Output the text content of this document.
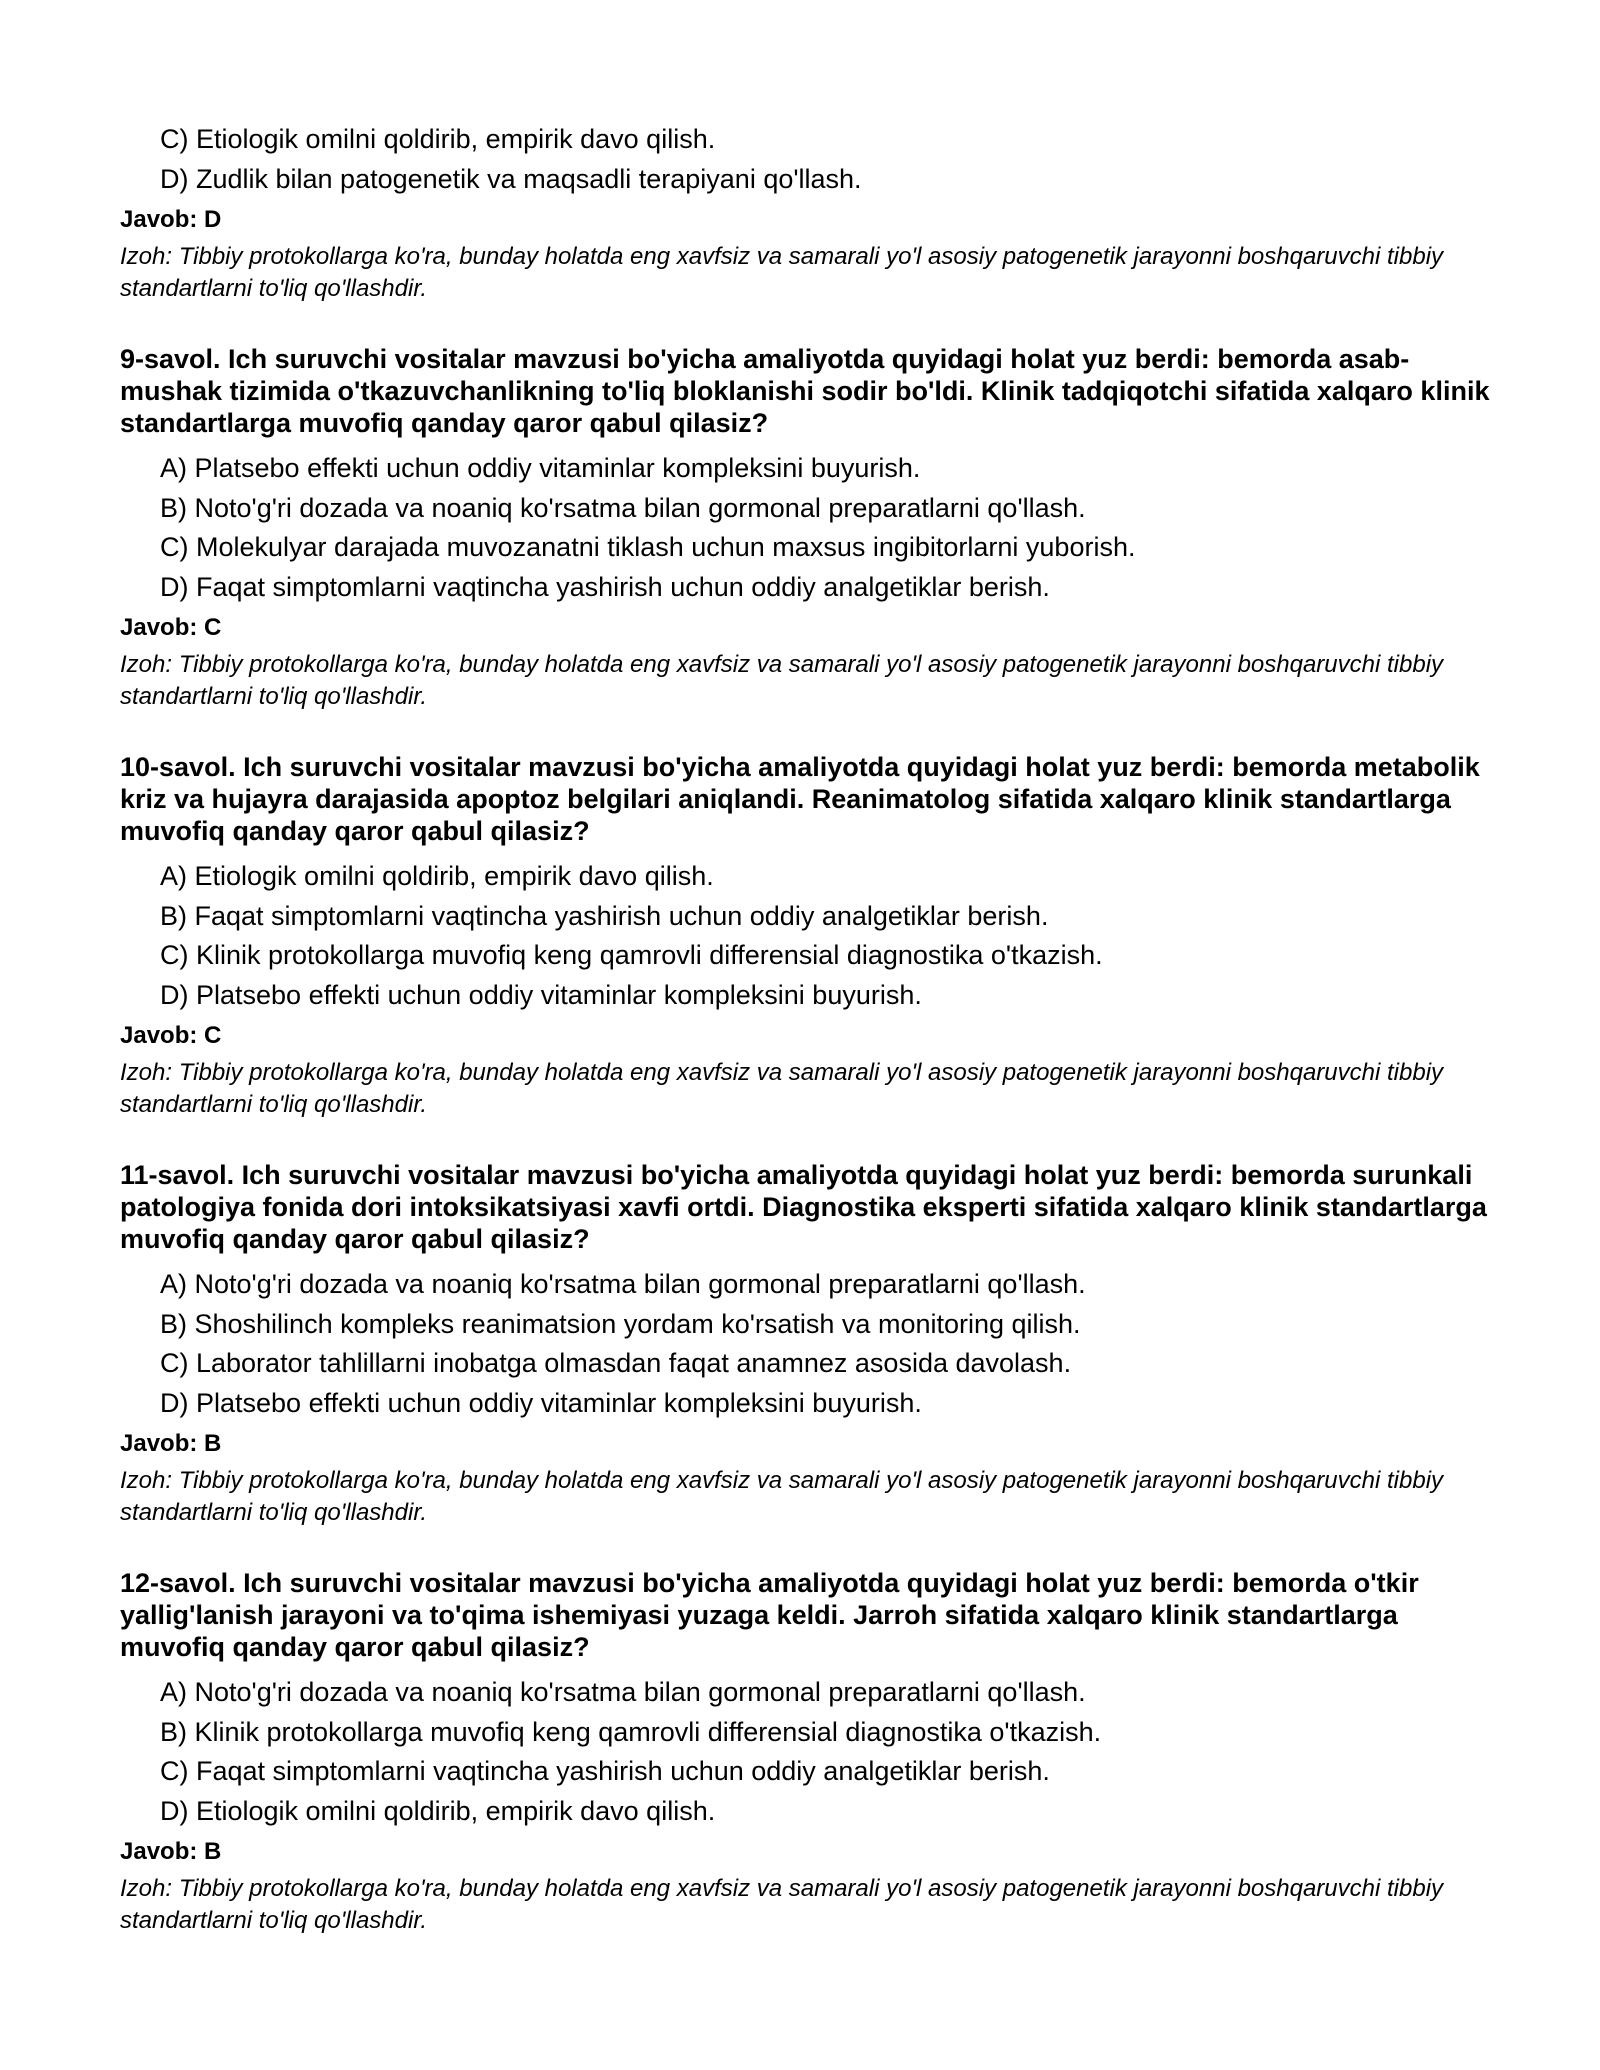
C) Etiologik omilni qoldirib, empirik davo qilish.
D) Zudlik bilan patogenetik va maqsadli terapiyani qo'llash.
Javob: D
Izoh: Tibbiy protokollarga ko'ra, bunday holatda eng xavfsiz va samarali yo'l asosiy patogenetik jarayonni boshqaruvchi tibbiy standartlarni to'liq qo'llashdir.
9-savol. Ich suruvchi vositalar mavzusi bo'yicha amaliyotda quyidagi holat yuz berdi: bemorda asab-mushak tizimida o'tkazuvchanlikning to'liq bloklanishi sodir bo'ldi. Klinik tadqiqotchi sifatida xalqaro klinik standartlarga muvofiq qanday qaror qabul qilasiz?
A) Platsebo effekti uchun oddiy vitaminlar kompleksini buyurish.
B) Noto'g'ri dozada va noaniq ko'rsatma bilan gormonal preparatlarni qo'llash.
C) Molekulyar darajada muvozanatni tiklash uchun maxsus ingibitorlarni yuborish.
D) Faqat simptomlarni vaqtincha yashirish uchun oddiy analgetiklar berish.
Javob: C
Izoh: Tibbiy protokollarga ko'ra, bunday holatda eng xavfsiz va samarali yo'l asosiy patogenetik jarayonni boshqaruvchi tibbiy standartlarni to'liq qo'llashdir.
10-savol. Ich suruvchi vositalar mavzusi bo'yicha amaliyotda quyidagi holat yuz berdi: bemorda metabolik kriz va hujayra darajasida apoptoz belgilari aniqlandi. Reanimatolog sifatida xalqaro klinik standartlarga muvofiq qanday qaror qabul qilasiz?
A) Etiologik omilni qoldirib, empirik davo qilish.
B) Faqat simptomlarni vaqtincha yashirish uchun oddiy analgetiklar berish.
C) Klinik protokollarga muvofiq keng qamrovli differensial diagnostika o'tkazish.
D) Platsebo effekti uchun oddiy vitaminlar kompleksini buyurish.
Javob: C
Izoh: Tibbiy protokollarga ko'ra, bunday holatda eng xavfsiz va samarali yo'l asosiy patogenetik jarayonni boshqaruvchi tibbiy standartlarni to'liq qo'llashdir.
11-savol. Ich suruvchi vositalar mavzusi bo'yicha amaliyotda quyidagi holat yuz berdi: bemorda surunkali patologiya fonida dori intoksikatsiyasi xavfi ortdi. Diagnostika eksperti sifatida xalqaro klinik standartlarga muvofiq qanday qaror qabul qilasiz?
A) Noto'g'ri dozada va noaniq ko'rsatma bilan gormonal preparatlarni qo'llash.
B) Shoshilinch kompleks reanimatsion yordam ko'rsatish va monitoring qilish.
C) Laborator tahlillarni inobatga olmasdan faqat anamnez asosida davolash.
D) Platsebo effekti uchun oddiy vitaminlar kompleksini buyurish.
Javob: B
Izoh: Tibbiy protokollarga ko'ra, bunday holatda eng xavfsiz va samarali yo'l asosiy patogenetik jarayonni boshqaruvchi tibbiy standartlarni to'liq qo'llashdir.
12-savol. Ich suruvchi vositalar mavzusi bo'yicha amaliyotda quyidagi holat yuz berdi: bemorda o'tkir yallig'lanish jarayoni va to'qima ishemiyasi yuzaga keldi. Jarroh sifatida xalqaro klinik standartlarga muvofiq qanday qaror qabul qilasiz?
A) Noto'g'ri dozada va noaniq ko'rsatma bilan gormonal preparatlarni qo'llash.
B) Klinik protokollarga muvofiq keng qamrovli differensial diagnostika o'tkazish.
C) Faqat simptomlarni vaqtincha yashirish uchun oddiy analgetiklar berish.
D) Etiologik omilni qoldirib, empirik davo qilish.
Javob: B
Izoh: Tibbiy protokollarga ko'ra, bunday holatda eng xavfsiz va samarali yo'l asosiy patogenetik jarayonni boshqaruvchi tibbiy standartlarni to'liq qo'llashdir.
